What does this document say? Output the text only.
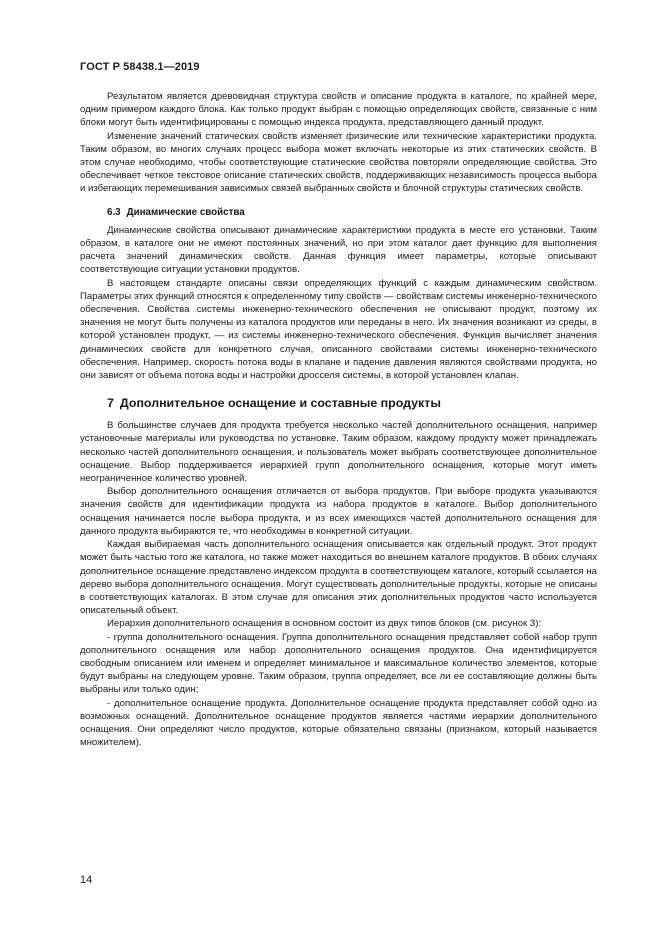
ГОСТ Р 58438.1—2019

Результатом является древовидная структура свойств и описание продукта в каталоге, по крайней мере, одним примером каждого блока. Как только продукт выбран с помощью определяющих свойств, связанные с ним блоки могут быть идентифицированы с помощью индекса продукта, представляющего данный продукт.

Изменение значений статических свойств изменяет физические или технические характеристики продукта. Таким образом, во многих случаях процесс выбора может включать некоторые из этих статических свойств. В этом случае необходимо, чтобы соответствующие статические свойства повторяли определяющие свойства. Это обеспечивает четкое текстовое описание статических свойств, поддерживающих независимость процесса выбора и избегающих перемешивания зависимых связей выбранных свойств и блочной структуры статических свойств.

6.3 Динамические свойства

Динамические свойства описывают динамические характеристики продукта в месте его установки. Таким образом, в каталоге они не имеют постоянных значений, но при этом каталог дает функцию для выполнения расчета значений динамических свойств. Данная функция имеет параметры, которые описывают соответствующие ситуации установки продуктов.

В настоящем стандарте описаны связи определяющих функций с каждым динамическим свойством. Параметры этих функций относятся к определенному типу свойств — свойствам системы инженерно-технического обеспечения. Свойства системы инженерно-технического обеспечения не описывают продукт, поэтому их значения не могут быть получены из каталога продуктов или переданы в него. Их значения возникают из среды, в которой установлен продукт, — из системы инженерно-технического обеспечения. Функция вычисляет значения динамических свойств для конкретного случая, описанного свойствами системы инженерно-технического обеспечения. Например, скорость потока воды в клапане и падение давления являются свойствами продукта, но они зависят от объема потока воды и настройки дросселя системы, в которой установлен клапан.

7 Дополнительное оснащение и составные продукты

В большинстве случаев для продукта требуется несколько частей дополнительного оснащения, например установочные материалы или руководства по установке. Таким образом, каждому продукту может принадлежать несколько частей дополнительного оснащения, и пользователь может выбрать соответствующее дополнительное оснащение. Выбор поддерживается иерархией групп дополнительного оснащения, которые могут иметь неограниченное количество уровней.

Выбор дополнительного оснащения отличается от выбора продуктов. При выборе продукта указываются значения свойств для идентификации продукта из набора продуктов в каталоге. Выбор дополнительного оснащения начинается после выбора продукта, и из всех имеющихся частей дополнительного оснащения для данного продукта выбираются те, что необходимы в конкретной ситуации.

Каждая выбираемая часть дополнительного оснащения описывается как отдельный продукт. Этот продукт может быть частью того же каталога, но также может находиться во внешнем каталоге продуктов. В обоих случаях дополнительное оснащение представлено индексом продукта в соответствующем каталоге, который ссылается на дерево выбора дополнительного оснащения. Могут существовать дополнительные продукты, которые не описаны в соответствующих каталогах. В этом случае для описания этих дополнительных продуктов часто используется описательный объект.

Иерархия дополнительного оснащения в основном состоит из двух типов блоков (см. рисунок 3):

- группа дополнительного оснащения. Группа дополнительного оснащения представляет собой набор групп дополнительного оснащения или набор дополнительного оснащения продуктов. Она идентифицируется свободным описанием или именем и определяет минимальное и максимальное количество элементов, которые будут выбраны на следующем уровне. Таким образом, группа определяет, все ли ее составляющие должны быть выбраны или только один;

- дополнительное оснащение продукта. Дополнительное оснащение продукта представляет собой одно из возможных оснащений. Дополнительное оснащение продуктов является частями иерархии дополнительного оснащения. Они определяют число продуктов, которые обязательно связаны (признаком, который называется множителем).

14
